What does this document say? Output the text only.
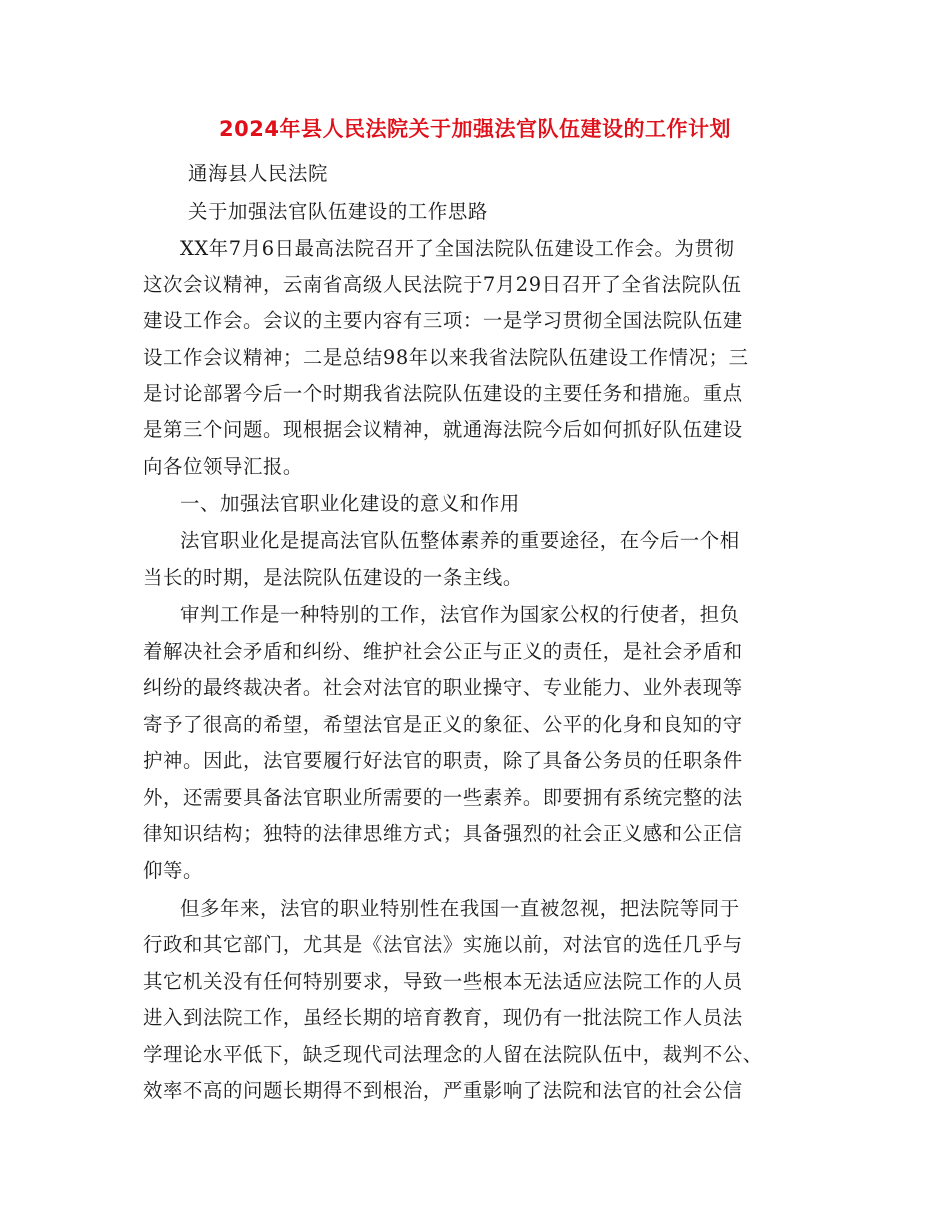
2024年县人民法院关于加强法官队伍建设的工作计划
通海县人民法院
关于加强法官队伍建设的工作思路
XX年7月6日最高法院召开了全国法院队伍建设工作会。为贯彻
这次会议精神，云南省高级人民法院于7月29日召开了全省法院队伍
建设工作会。会议的主要内容有三项：一是学习贯彻全国法院队伍建
设工作会议精神；二是总结98年以来我省法院队伍建设工作情况；三
是讨论部署今后一个时期我省法院队伍建设的主要任务和措施。重点
是第三个问题。现根据会议精神，就通海法院今后如何抓好队伍建设
向各位领导汇报。
一、加强法官职业化建设的意义和作用
法官职业化是提高法官队伍整体素养的重要途径，在今后一个相
当长的时期，是法院队伍建设的一条主线。
审判工作是一种特别的工作，法官作为国家公权的行使者，担负
着解决社会矛盾和纠纷、维护社会公正与正义的责任，是社会矛盾和
纠纷的最终裁决者。社会对法官的职业操守、专业能力、业外表现等
寄予了很高的希望，希望法官是正义的象征、公平的化身和良知的守
护神。因此，法官要履行好法官的职责，除了具备公务员的任职条件
外，还需要具备法官职业所需要的一些素养。即要拥有系统完整的法
律知识结构；独特的法律思维方式；具备强烈的社会正义感和公正信
仰等。
但多年来，法官的职业特别性在我国一直被忽视，把法院等同于
行政和其它部门，尤其是《法官法》实施以前，对法官的选任几乎与
其它机关没有任何特别要求，导致一些根本无法适应法院工作的人员
进入到法院工作，虽经长期的培育教育，现仍有一批法院工作人员法
学理论水平低下，缺乏现代司法理念的人留在法院队伍中，裁判不公、
效率不高的问题长期得不到根治，严重影响了法院和法官的社会公信
